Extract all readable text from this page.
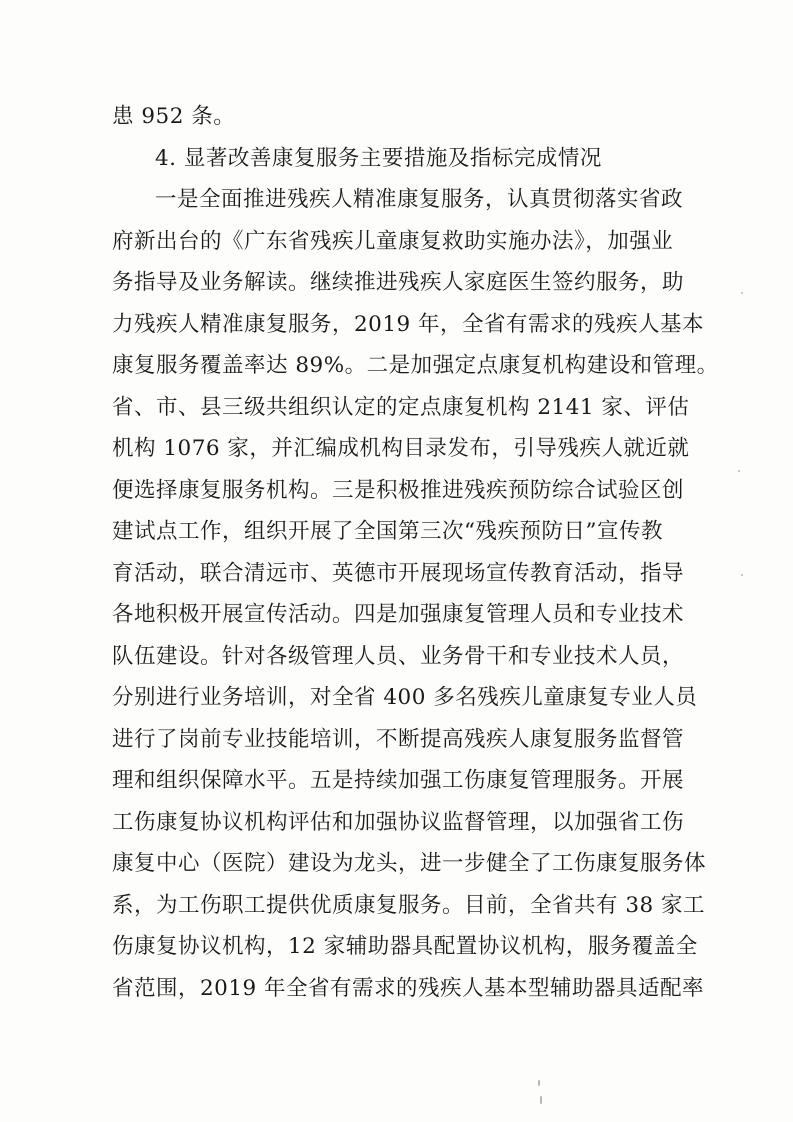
患 952 条。
4. 显著改善康复服务主要措施及指标完成情况
一是全面推进残疾人精准康复服务，认真贯彻落实省政
府新出台的《广东省残疾儿童康复救助实施办法》，加强业
务指导及业务解读。继续推进残疾人家庭医生签约服务，助
力残疾人精准康复服务，2019 年，全省有需求的残疾人基本
康复服务覆盖率达 89%。二是加强定点康复机构建设和管理。
省、市、县三级共组织认定的定点康复机构 2141 家、评估
机构 1076 家，并汇编成机构目录发布，引导残疾人就近就
便选择康复服务机构。三是积极推进残疾预防综合试验区创
建试点工作，组织开展了全国第三次“残疾预防日”宣传教
育活动，联合清远市、英德市开展现场宣传教育活动，指导
各地积极开展宣传活动。四是加强康复管理人员和专业技术
队伍建设。针对各级管理人员、业务骨干和专业技术人员，
分别进行业务培训，对全省 400 多名残疾儿童康复专业人员
进行了岗前专业技能培训，不断提高残疾人康复服务监督管
理和组织保障水平。五是持续加强工伤康复管理服务。开展
工伤康复协议机构评估和加强协议监督管理，以加强省工伤
康复中心（医院）建设为龙头，进一步健全了工伤康复服务体
系，为工伤职工提供优质康复服务。目前，全省共有 38 家工
伤康复协议机构，12 家辅助器具配置协议机构，服务覆盖全
省范围，2019 年全省有需求的残疾人基本型辅助器具适配率
